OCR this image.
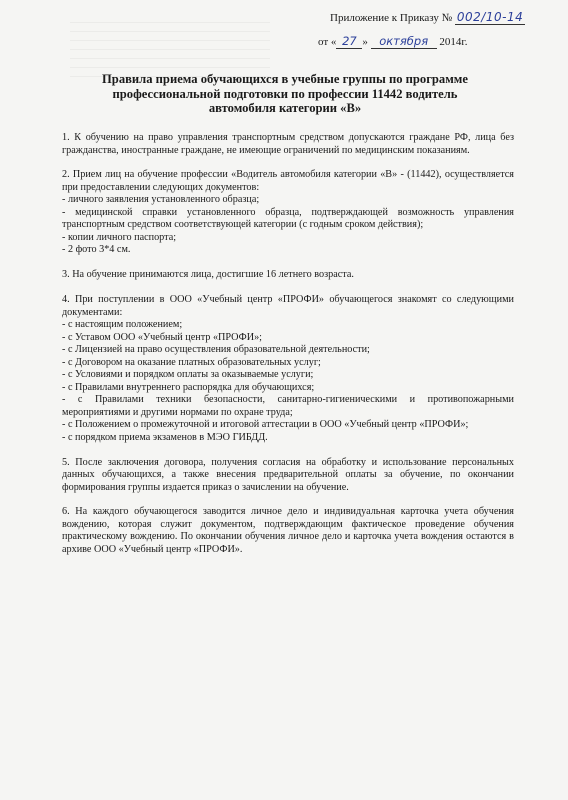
Приложение к Приказу № 002/10-14
от « 27 » октября 2014г.
Правила приема обучающихся в учебные группы по программе
профессиональной подготовки по профессии 11442 водитель
автомобиля категории «В»

1. К обучению на право управления транспортным средством допускаются граждане РФ, лица без гражданства, иностранные граждане, не имеющие ограничений по медицинским показаниям.

2. Прием лиц на обучение профессии «Водитель автомобиля категории «В» - (11442), осуществляется при предоставлении следующих документов:
- личного заявления установленного образца;
- медицинской справки установленного образца, подтверждающей возможность управления транспортным средством соответствующей категории (с годным сроком действия);
- копии личного паспорта;
- 2 фото 3*4 см.

3. На обучение принимаются лица, достигшие 16 летнего возраста.

4. При поступлении в ООО «Учебный центр «ПРОФИ» обучающегося знакомят со следующими документами:
- с настоящим положением;
- с Уставом ООО «Учебный центр «ПРОФИ»;
- с Лицензией на право осуществления образовательной деятельности;
- с Договором на оказание платных образовательных услуг;
- с Условиями и порядком оплаты за оказываемые услуги;
- с Правилами внутреннего распорядка для обучающихся;
- с Правилами техники безопасности, санитарно-гигиеническими и противопожарными мероприятиями и другими нормами по охране труда;
- с Положением о промежуточной и итоговой аттестации в ООО «Учебный центр «ПРОФИ»;
- с порядком приема экзаменов в МЭО ГИБДД.

5. После заключения договора, получения согласия на обработку и использование персональных данных обучающихся, а также внесения предварительной оплаты за обучение, по окончании формирования группы издается приказ о зачислении на обучение.

6. На каждого обучающегося заводится личное дело и индивидуальная карточка учета обучения вождению, которая служит документом, подтверждающим фактическое проведение обучения практическому вождению. По окончании обучения личное дело и карточка учета вождения остаются в архиве ООО «Учебный центр «ПРОФИ».
